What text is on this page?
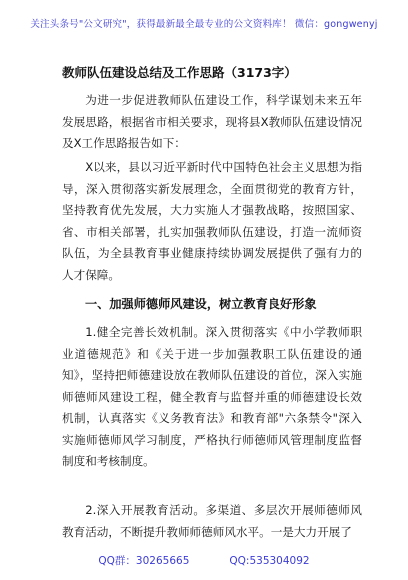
关注头条号"公文研究"，获得最新最全最专业的公文资料库！ 微信：gongwenyj
教师队伍建设总结及工作思路（3173字）
为进一步促进教师队伍建设工作，科学谋划未来五年发展思路，根据省市相关要求，现将县X教师队伍建设情况及X工作思路报告如下：
X以来，县以习近平新时代中国特色社会主义思想为指导，深入贯彻落实新发展理念，全面贯彻党的教育方针，坚持教育优先发展，大力实施人才强教战略，按照国家、省、市相关部署，扎实加强教师队伍建设，打造一流师资队伍，为全县教育事业健康持续协调发展提供了强有力的人才保障。
一、加强师德师风建设，树立教育良好形象
1.健全完善长效机制。深入贯彻落实《中小学教师职业道德规范》和《关于进一步加强教职工队伍建设的通知》，坚持把师德建设放在教师队伍建设的首位，深入实施师德师风建设工程，健全教育与监督并重的师德建设长效机制，认真落实《义务教育法》和教育部"六条禁令"深入实施师德师风学习制度，严格执行师德师风管理制度监督制度和考核制度。
2.深入开展教育活动。多渠道、多层次开展师德师风教育活动，不断提升教师师德师风水平。一是大力开展了
QQ群：30265665	QQ:535304092
